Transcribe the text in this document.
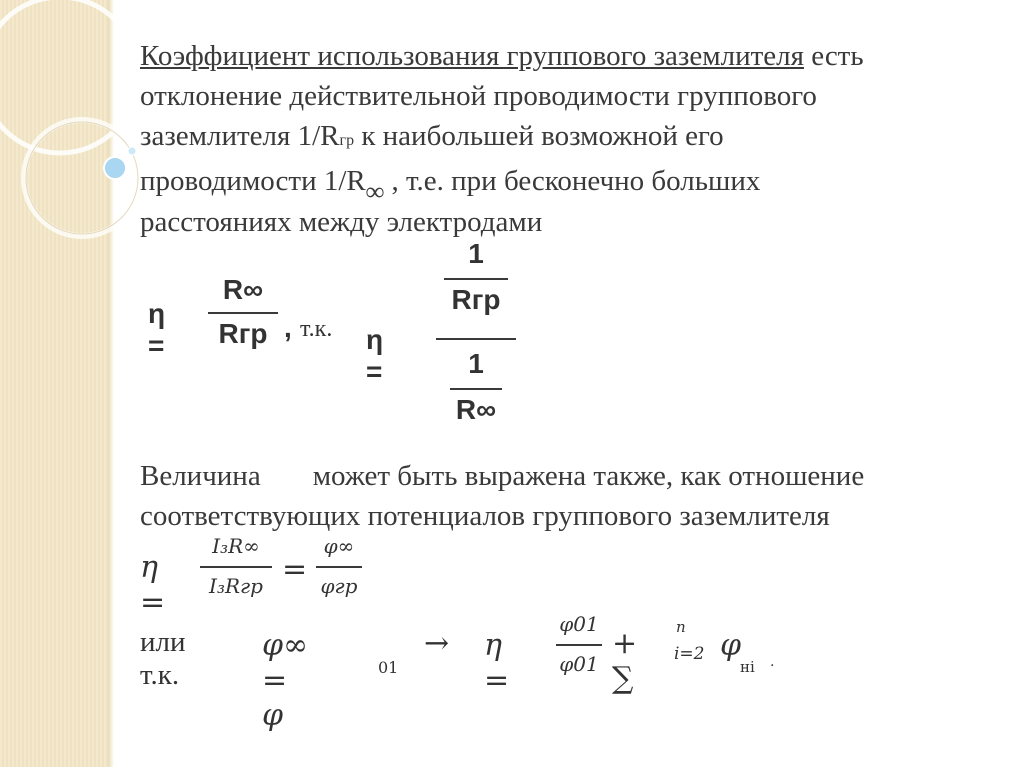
Коэффициент использования группового заземлителя есть
отклонение действительной проводимости группового
заземлителя 1/Rгр к наибольшей возможной его
проводимости 1/R∞ , т.е. при бесконечно больших
расстояниях между электродами
η =
R∞
Rгр , т.к. η =
1
Rгр
1
R∞
Величина может быть выражена также, как отношение
соответствующих потенциалов группового заземлителя
η =
I₃R∞
I₃Rгр =
φ∞
φгр
или т.к.
φ∞ = φ
01
→ η =
φ01
φ01
+ ∑
n
i=2 φ
нi .
